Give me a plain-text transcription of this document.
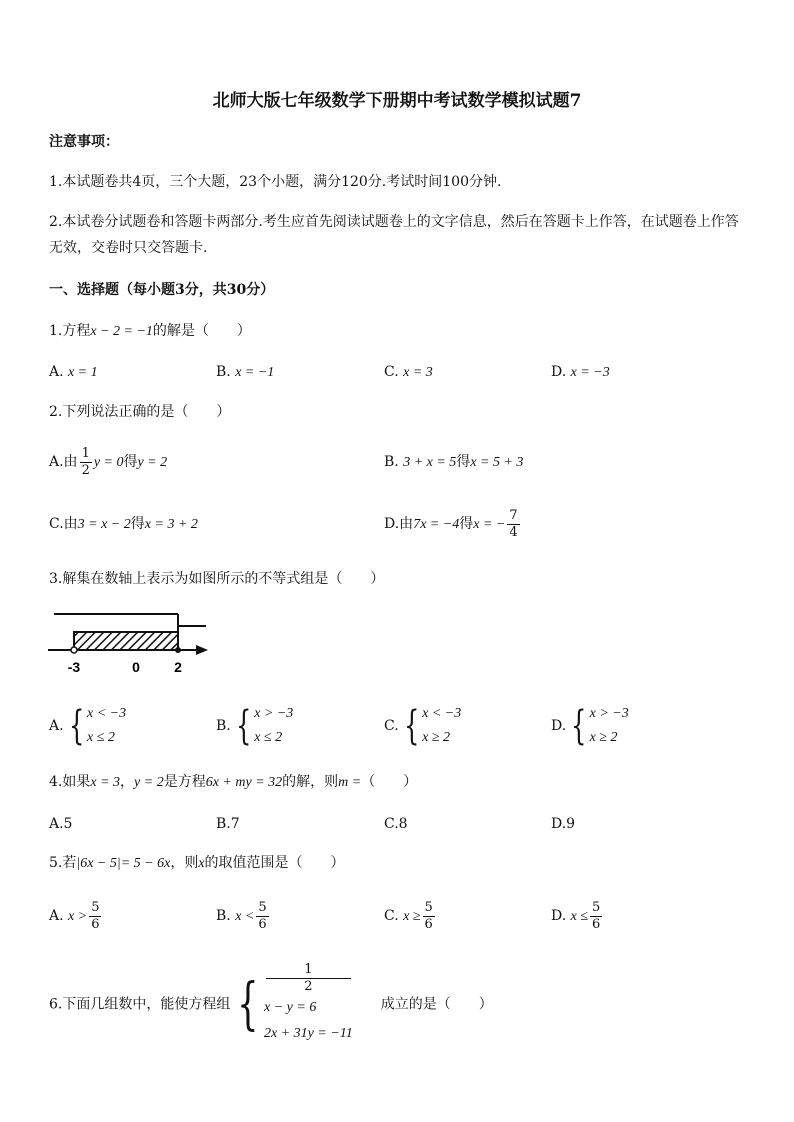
北师大版七年级数学下册期中考试数学模拟试题7
注意事项：
1.本试题卷共4页，三个大题，23个小题，满分120分.考试时间100分钟.
2.本试卷分试题卷和答题卡两部分.考生应首先阅读试题卷上的文字信息，然后在答题卡上作答，在试题卷上作答
无效，交卷时只交答题卡.
一、选择题（每小题3分，共30分）
1.方程x − 2 = −1的解是（　　）
A. x = 1	B. x = −1	C. x = 3	D. x = −3
2.下列说法正确的是（　　）
A.由 $\frac{1}{2}$ y = 0得y = 2	B. 3 + x = 5得x = 5 + 3
C.由3 = x − 2得x = 3 + 2	D.由7x = −4得x = − $\frac{7}{4}$
3.解集在数轴上表示为如图所示的不等式组是（　　）
-3	0 2
A. { x < −3
x ≤ 2
B. { x > −3
x ≤ 2
C. { x < −3
x ≥ 2
D. { x > −3
x ≥ 2
4.如果x = 3，y = 2是方程6x + my = 32的解，则m =（　　）
A.5	B.7	C.8	D.9
5.若|6x − 5|= 5 − 6x，则x的取值范围是（　　）
A. $x > \frac{5}{6}$	B. $x < \frac{5}{6}$	C. $x \ge \frac{5}{6}$	D. $x \le \frac{5}{6}$
6.下面几组数中，能使方程组 {
1
2
x − y = 6
2x + 31y = −11
成立的是（　　）
